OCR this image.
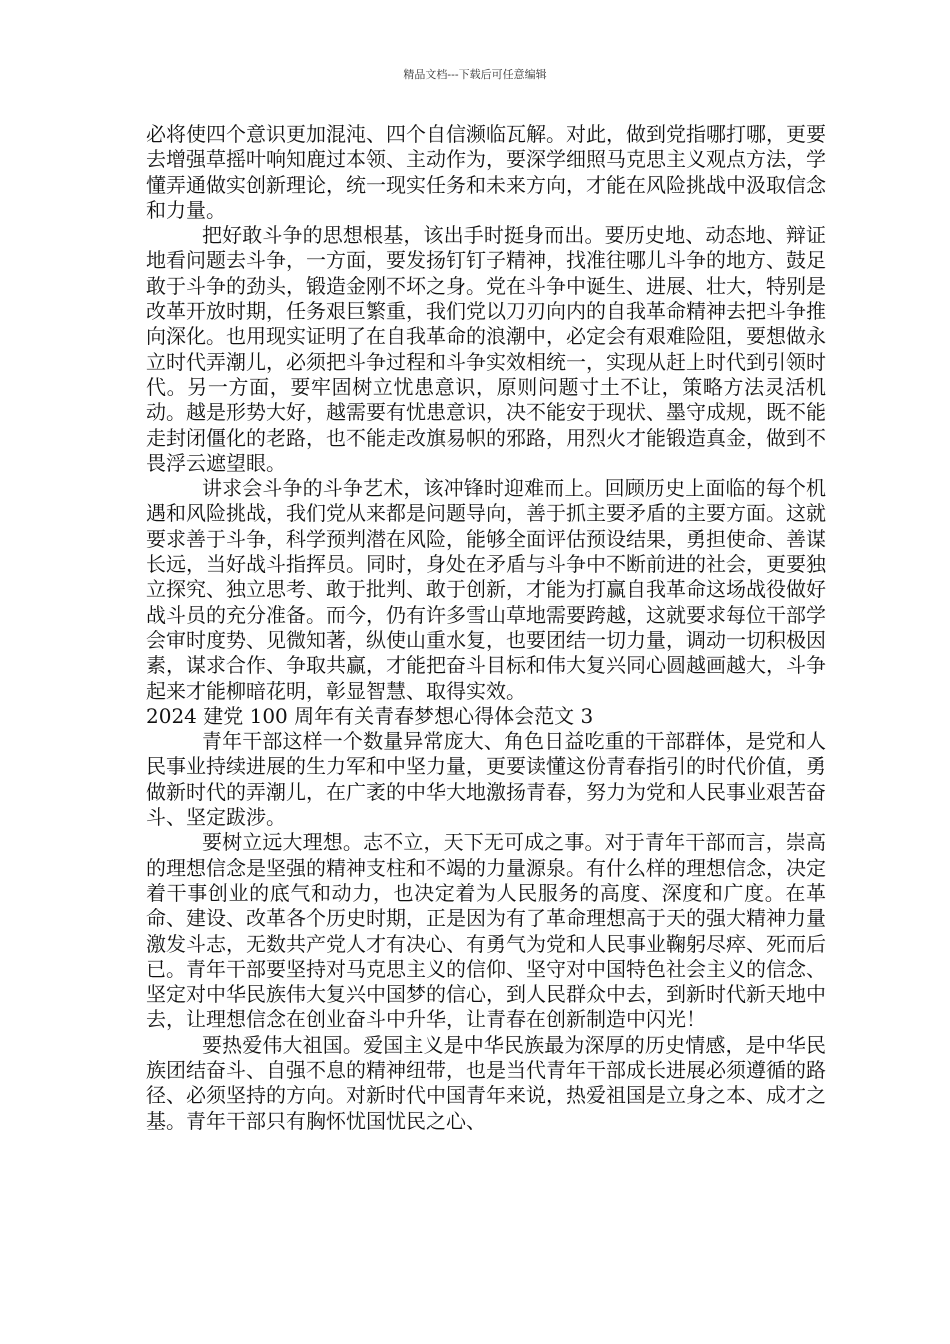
精品文档---下载后可任意编辑

必将使四个意识更加混沌、四个自信濒临瓦解。对此，做到党指哪打哪，更要去增强草摇叶响知鹿过本领、主动作为，要深学细照马克思主义观点方法，学懂弄通做实创新理论，统一现实任务和未来方向，才能在风险挑战中汲取信念和力量。

把好敢斗争的思想根基，该出手时挺身而出。要历史地、动态地、辩证地看问题去斗争，一方面，要发扬钉钉子精神，找准往哪儿斗争的地方、鼓足敢于斗争的劲头，锻造金刚不坏之身。党在斗争中诞生、进展、壮大，特别是改革开放时期，任务艰巨繁重，我们党以刀刃向内的自我革命精神去把斗争推向深化。也用现实证明了在自我革命的浪潮中，必定会有艰难险阻，要想做永立时代弄潮儿，必须把斗争过程和斗争实效相统一，实现从赶上时代到引领时代。另一方面，要牢固树立忧患意识，原则问题寸土不让，策略方法灵活机动。越是形势大好，越需要有忧患意识，决不能安于现状、墨守成规，既不能走封闭僵化的老路，也不能走改旗易帜的邪路，用烈火才能锻造真金，做到不畏浮云遮望眼。

讲求会斗争的斗争艺术，该冲锋时迎难而上。回顾历史上面临的每个机遇和风险挑战，我们党从来都是问题导向，善于抓主要矛盾的主要方面。这就要求善于斗争，科学预判潜在风险，能够全面评估预设结果，勇担使命、善谋长远，当好战斗指挥员。同时，身处在矛盾与斗争中不断前进的社会，更要独立探究、独立思考、敢于批判、敢于创新，才能为打赢自我革命这场战役做好战斗员的充分准备。而今，仍有许多雪山草地需要跨越，这就要求每位干部学会审时度势、见微知著，纵使山重水复，也要团结一切力量，调动一切积极因素，谋求合作、争取共赢，才能把奋斗目标和伟大复兴同心圆越画越大，斗争起来才能柳暗花明，彰显智慧、取得实效。

2024 建党 100 周年有关青春梦想心得体会范文 3

青年干部这样一个数量异常庞大、角色日益吃重的干部群体，是党和人民事业持续进展的生力军和中坚力量，更要读懂这份青春指引的时代价值，勇做新时代的弄潮儿，在广袤的中华大地激扬青春，努力为党和人民事业艰苦奋斗、坚定跋涉。

要树立远大理想。志不立，天下无可成之事。对于青年干部而言，崇高的理想信念是坚强的精神支柱和不竭的力量源泉。有什么样的理想信念，决定着干事创业的底气和动力，也决定着为人民服务的高度、深度和广度。在革命、建设、改革各个历史时期，正是因为有了革命理想高于天的强大精神力量激发斗志，无数共产党人才有决心、有勇气为党和人民事业鞠躬尽瘁、死而后已。青年干部要坚持对马克思主义的信仰、坚守对中国特色社会主义的信念、坚定对中华民族伟大复兴中国梦的信心，到人民群众中去，到新时代新天地中去，让理想信念在创业奋斗中升华，让青春在创新制造中闪光！

要热爱伟大祖国。爱国主义是中华民族最为深厚的历史情感，是中华民族团结奋斗、自强不息的精神纽带，也是当代青年干部成长进展必须遵循的路径、必须坚持的方向。对新时代中国青年来说，热爱祖国是立身之本、成才之基。青年干部只有胸怀忧国忧民之心、
